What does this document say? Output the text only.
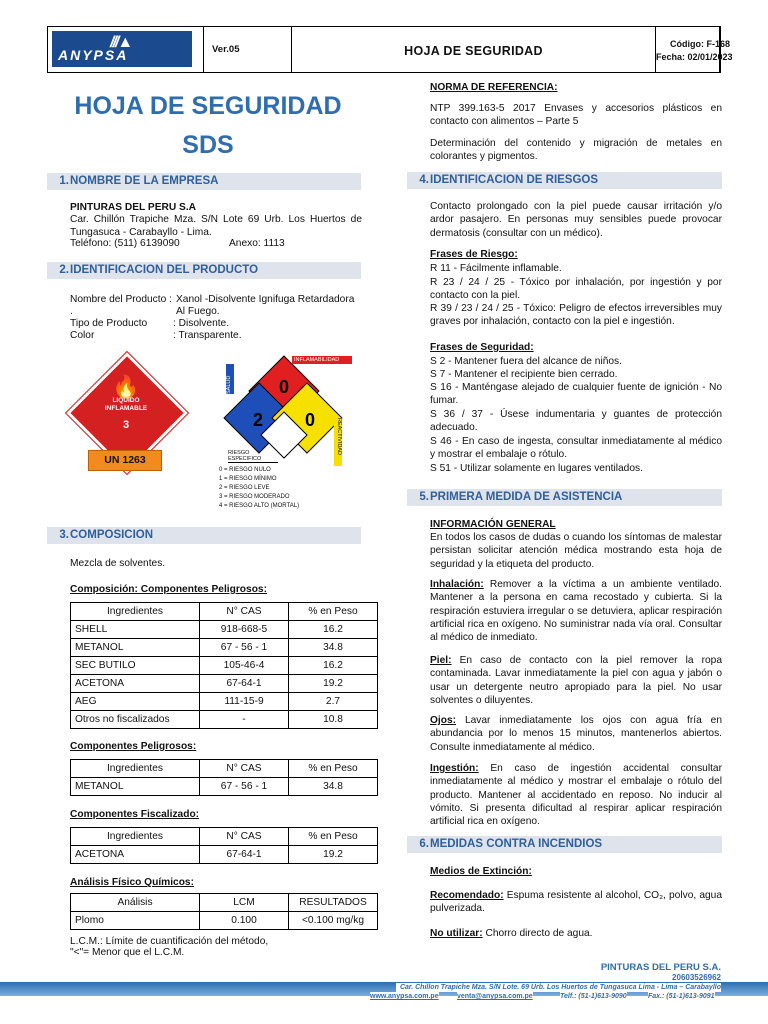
///▲
ANYPSA	Ver.05	HOJA DE SEGURIDAD	Código: F-168
Fecha: 02/01/2023
HOJA DE SEGURIDAD
SDS
1. NOMBRE DE LA EMPRESA
PINTURAS DEL PERU S.A
Car. Chillón Trapiche Mza. S/N Lote 69 Urb. Los Huertos de Tungasuca - Carabayllo - Lima.
Teléfono: (511) 6139090	Anexo: 1113
2. IDENTIFICACION DEL PRODUCTO
Nombre del Producto : Xanol -Disolvente Ignifuga Retardadora
.	Al Fuego.
Tipo de Producto	: Disolvente.
Color	: Transparente.
🔥
LIQUIDO
INFLAMABLE
3
UN 1263
0
2 0
INFLAMABILIDAD
SALUD
REACTIVIDAD
RIESGO ESPECIFICO
0 = RIESGO NULO
1 = RIESGO MÍNIMO
2 = RIESGO LEVE
3 = RIESGO MODERADO
4 = RIESGO ALTO (MORTAL)
3. COMPOSICION
Mezcla de solventes.
Composición: Componentes Peligrosos:
Ingredientes	N° CAS	% en Peso
SHELL	918-668-5	16.2
METANOL	67 - 56 - 1	34.8
SEC BUTILO	105-46-4	16.2
ACETONA	67-64-1	19.2
AEG	111-15-9	2.7
Otros no fiscalizados	-	10.8
Componentes Peligrosos:
Ingredientes	N° CAS	% en Peso
METANOL	67 - 56 - 1	34.8
Componentes Fiscalizado:
Ingredientes	N° CAS	% en Peso
ACETONA	67-64-1	19.2
Análisis Físico Químicos:
Análisis	LCM	RESULTADOS
Plomo	0.100	<0.100 mg/kg
L.C.M.: Límite de cuantificación del método,
"<"= Menor que el L.C.M.
NORMA DE REFERENCIA:
NTP 399.163-5 2017 Envases y accesorios plásticos en contacto con alimentos – Parte 5
Determinación del contenido y migración de metales en colorantes y pigmentos.
4. IDENTIFICACION DE RIESGOS
Contacto prolongado con la piel puede causar irritación y/o ardor pasajero. En personas muy sensibles puede provocar dermatosis (consultar con un médico).
Frases de Riesgo:
R 11 - Fácilmente inflamable.
R 23 / 24 / 25 - Tóxico por inhalación, por ingestión y por contacto con la piel.
R 39 / 23 / 24 / 25 - Tóxico: Peligro de efectos irreversibles muy graves por inhalación, contacto con la piel e ingestión.
Frases de Seguridad:
S 2 - Mantener fuera del alcance de niños.
S 7 - Mantener el recipiente bien cerrado.
S 16 - Manténgase alejado de cualquier fuente de ignición - No fumar.
S 36 / 37 - Úsese indumentaria y guantes de protección adecuado.
S 46 - En caso de ingesta, consultar inmediatamente al médico y mostrar el embalaje o rótulo.
S 51 - Utilizar solamente en lugares ventilados.
5. PRIMERA MEDIDA DE ASISTENCIA
INFORMACIÓN GENERAL
En todos los casos de dudas o cuando los síntomas de malestar persistan solicitar atención médica mostrando esta hoja de seguridad y la etiqueta del producto.
Inhalación: Remover a la víctima a un ambiente ventilado. Mantener a la persona en cama recostado y cubierta. Si la respiración estuviera irregular o se detuviera, aplicar respiración artificial rica en oxígeno. No suministrar nada vía oral. Consultar al médico de inmediato.
Piel: En caso de contacto con la piel remover la ropa contaminada. Lavar inmediatamente la piel con agua y jabón o usar un detergente neutro apropiado para la piel. No usar solventes o diluyentes.
Ojos: Lavar inmediatamente los ojos con agua fría en abundancia por lo menos 15 minutos, mantenerlos abiertos. Consulte inmediatamente al médico.
Ingestión: En caso de ingestión accidental consultar inmediatamente al médico y mostrar el embalaje o rótulo del producto. Mantener al accidentado en reposo. No inducir al vómito. Si presenta dificultad al respirar aplicar respiración artificial rica en oxígeno.
6. MEDIDAS CONTRA INCENDIOS
Medios de Extinción:
Recomendado: Espuma resistente al alcohol, CO₂, polvo, agua pulverizada.
No utilizar: Chorro directo de agua.
PINTURAS DEL PERU S.A.
20603526962
Car. Chillon Trapiche Mza. S/N Lote. 69 Urb. Los Huertos de Tungasuca Lima - Lima – Carabayllo
www.anypsa.com.pe	venta@anypsa.com.pe	Telf.: (51-1)613-9090	Fax.: (51-1)613-9091
